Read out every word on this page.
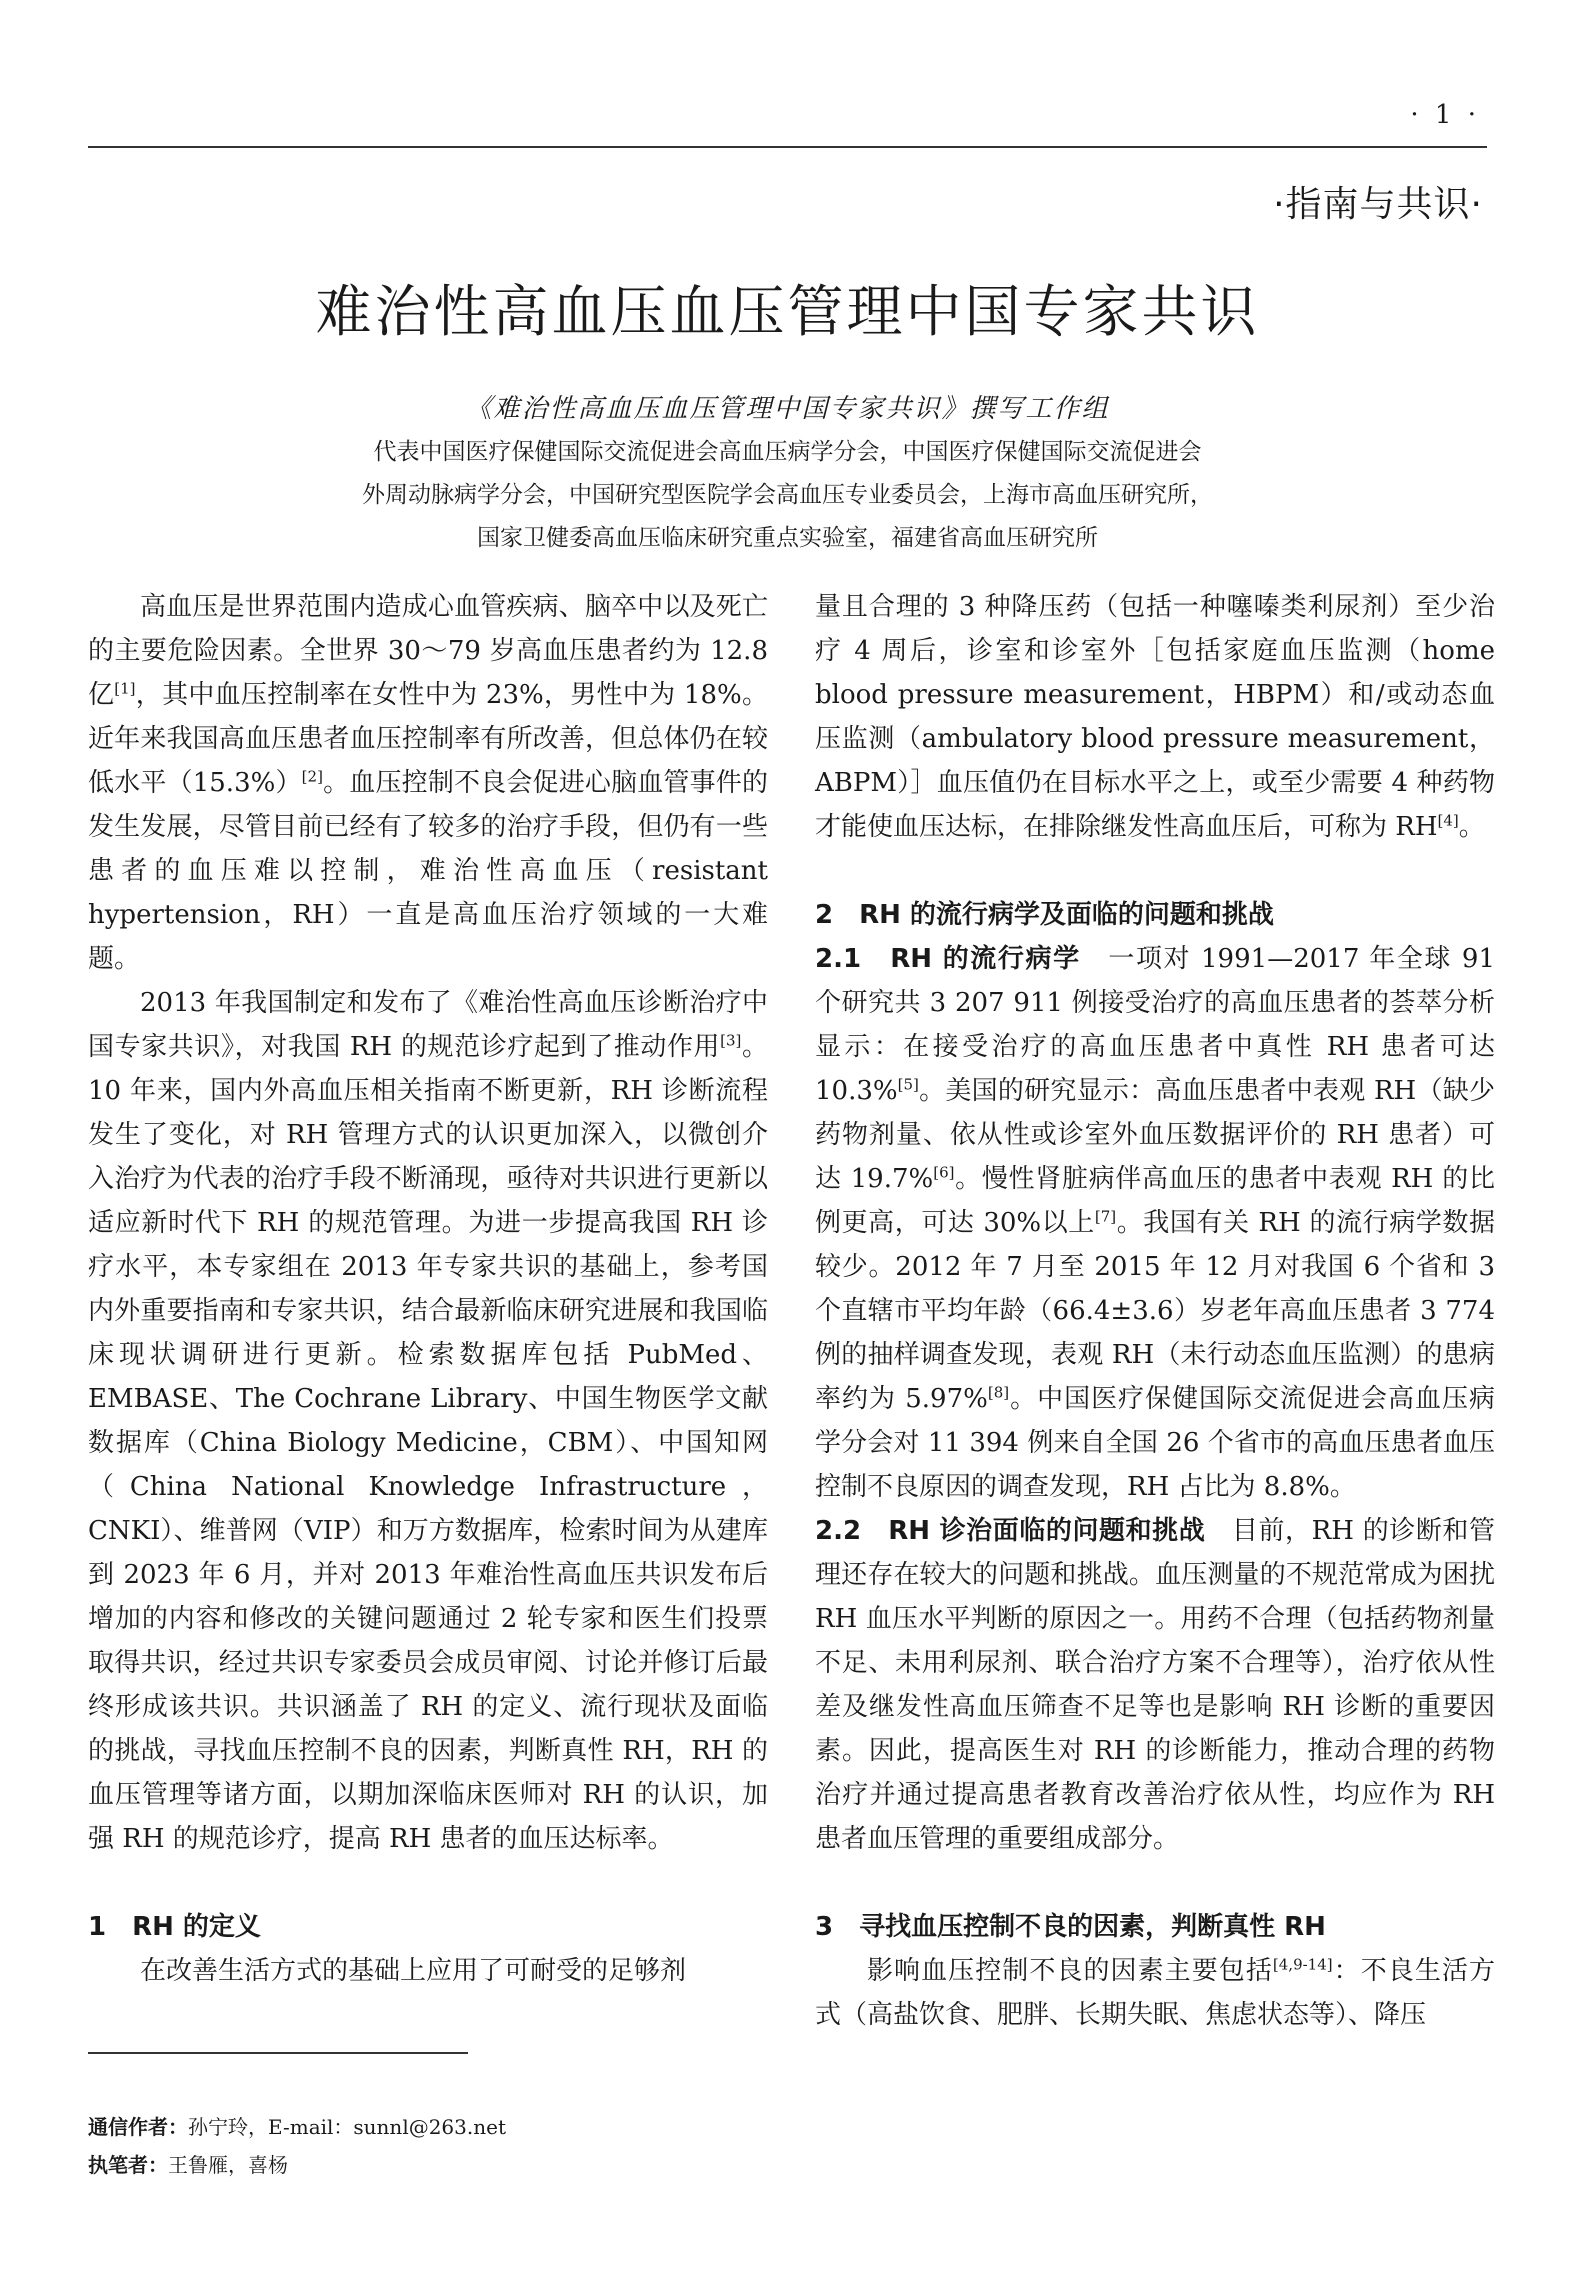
· 1 ·
·指南与共识·
难治性高血压血压管理中国专家共识
《难治性高血压血压管理中国专家共识》撰写工作组
代表中国医疗保健国际交流促进会高血压病学分会，中国医疗保健国际交流促进会
外周动脉病学分会，中国研究型医院学会高血压专业委员会，上海市高血压研究所，
国家卫健委高血压临床研究重点实验室，福建省高血压研究所

高血压是世界范围内造成心血管疾病、脑卒中以及死亡的主要危险因素。全世界 30～79 岁高血压患者约为 12.8 亿[1]，其中血压控制率在女性中为 23%，男性中为 18%。近年来我国高血压患者血压控制率有所改善，但总体仍在较低水平（15.3%）[2]。血压控制不良会促进心脑血管事件的发生发展，尽管目前已经有了较多的治疗手段，但仍有一些患者的血压难以控制，难治性高血压（resistant hypertension，RH）一直是高血压治疗领域的一大难题。

2013 年我国制定和发布了《难治性高血压诊断治疗中国专家共识》，对我国 RH 的规范诊疗起到了推动作用[3]。10 年来，国内外高血压相关指南不断更新，RH 诊断流程发生了变化，对 RH 管理方式的认识更加深入，以微创介入治疗为代表的治疗手段不断涌现，亟待对共识进行更新以适应新时代下 RH 的规范管理。为进一步提高我国 RH 诊疗水平，本专家组在 2013 年专家共识的基础上，参考国内外重要指南和专家共识，结合最新临床研究进展和我国临床现状调研进行更新。检索数据库包括 PubMed、EMBASE、The Cochrane Library、中国生物医学文献数据库（China Biology Medicine，CBM）、中国知网（China National Knowledge Infrastructure，CNKI）、维普网（VIP）和万方数据库，检索时间为从建库到 2023 年 6 月，并对 2013 年难治性高血压共识发布后增加的内容和修改的关键问题通过 2 轮专家和医生们投票取得共识，经过共识专家委员会成员审阅、讨论并修订后最终形成该共识。共识涵盖了 RH 的定义、流行现状及面临的挑战，寻找血压控制不良的因素，判断真性 RH，RH 的血压管理等诸方面，以期加深临床医师对 RH 的认识，加强 RH 的规范诊疗，提高 RH 患者的血压达标率。

1　RH 的定义

在改善生活方式的基础上应用了可耐受的足够剂

量且合理的 3 种降压药（包括一种噻嗪类利尿剂）至少治疗 4 周后，诊室和诊室外［包括家庭血压监测（home blood pressure measurement，HBPM）和/或动态血压监测（ambulatory blood pressure measurement，ABPM）］血压值仍在目标水平之上，或至少需要 4 种药物才能使血压达标，在排除继发性高血压后，可称为 RH[4]。

2　RH 的流行病学及面临的问题和挑战

2.1　RH 的流行病学　一项对 1991—2017 年全球 91 个研究共 3 207 911 例接受治疗的高血压患者的荟萃分析显示：在接受治疗的高血压患者中真性 RH 患者可达 10.3%[5]。美国的研究显示：高血压患者中表观 RH（缺少药物剂量、依从性或诊室外血压数据评价的 RH 患者）可达 19.7%[6]。慢性肾脏病伴高血压的患者中表观 RH 的比例更高，可达 30%以上[7]。我国有关 RH 的流行病学数据较少。2012 年 7 月至 2015 年 12 月对我国 6 个省和 3 个直辖市平均年龄（66.4±3.6）岁老年高血压患者 3 774 例的抽样调查发现，表观 RH（未行动态血压监测）的患病率约为 5.97%[8]。中国医疗保健国际交流促进会高血压病学分会对 11 394 例来自全国 26 个省市的高血压患者血压控制不良原因的调查发现，RH 占比为 8.8%。

2.2　RH 诊治面临的问题和挑战　目前，RH 的诊断和管理还存在较大的问题和挑战。血压测量的不规范常成为困扰 RH 血压水平判断的原因之一。用药不合理（包括药物剂量不足、未用利尿剂、联合治疗方案不合理等），治疗依从性差及继发性高血压筛查不足等也是影响 RH 诊断的重要因素。因此，提高医生对 RH 的诊断能力，推动合理的药物治疗并通过提高患者教育改善治疗依从性，均应作为 RH 患者血压管理的重要组成部分。

3　寻找血压控制不良的因素，判断真性 RH

影响血压控制不良的因素主要包括[4,9-14]：不良生活方式（高盐饮食、肥胖、长期失眠、焦虑状态等）、降压

通信作者：孙宁玲，E-mail：sunnl@263.net
执笔者：王鲁雁，喜杨
